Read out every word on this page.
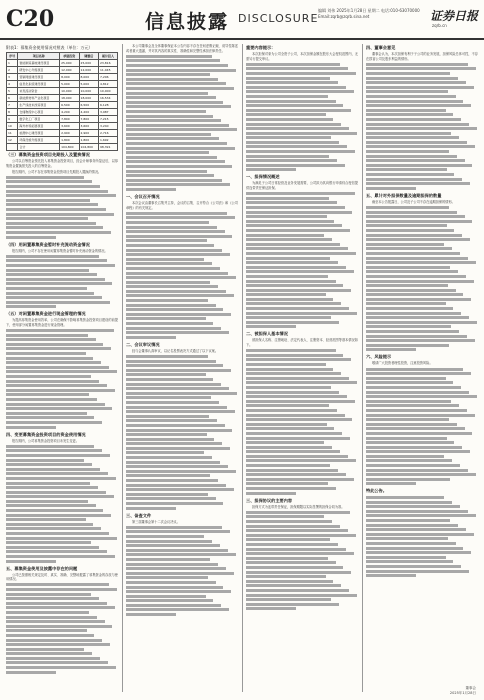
C20	信息披露 DISCLOSURE
编辑 刘伟 2025年1月28日 星期二 电话:010-63070000 Email:zqrb@zqrb.sina.net	证券日报
zqrb.cn
附表1：募集资金使用情况对照表（单位：万元）
序号	项目名称	承诺投资	调整后	累计投入
1	智能制造基地建设项目	25,000	25,000	23,816
2	研发中心升级项目	12,000	12,000	11,045
3	营销网络建设项目	8,000	8,000	7,206
4	信息化系统建设项目	5,000	5,000	4,812
5	补充流动资金	10,000	10,000	10,000
6	新能源材料产业化项目	18,000	18,000	16,534
7	生产线技术改造项目	6,500	6,500	6,128
8	仓储物流中心项目	4,200	4,200	3,987
9	数字化工厂项目	7,800	7,800	7,215
10	海外市场拓展项目	3,600	3,600	3,240
11	检测中心建设项目	2,900	2,900	2,716
12	环保设施升级项目	1,800	1,800	1,692
	合计	104,800	104,800	98,391
（三）募集资金投资项目先期投入及置换情况
公司以自筹资金预先投入募集资金投资项目，经会计师事务所鉴证后，以募集资金置换预先投入的自筹资金。
报告期内，公司不存在募集资金投资项目先期投入置换的情况。
（四）用闲置募集资金暂时补充流动资金情况
报告期内，公司不存在使用闲置募集资金暂时补充流动资金的情况。
（五）对闲置募集资金进行现金管理的情况
为提高募集资金使用效率，公司在确保不影响募集资金投资项目建设的前提下，使用部分闲置募集资金进行现金管理。
四、变更募集资金投资项目的资金使用情况
报告期内，公司募集资金投资项目未发生变更。
五、募集资金使用及披露中存在的问题
公司已按照相关规定及时、真实、准确、完整地披露了募集资金的存放与使用情况。
本公司董事会及全体董事保证本公告内容不存在任何虚假记载、误导性陈述或者重大遗漏，并对其内容的真实性、准确性和完整性承担法律责任。
一、会议召开情况
本次会议由董事长召集并主持，会议的召集、召开符合《公司法》和《公司章程》的有关规定。
二、会议审议情况
经与会董事认真审议，以记名投票表决方式通过了以下议案。
三、备查文件
第三届董事会第十二次会议决议。
重要内容提示：
本次担保对象为公司全资子公司，本次担保金额在股东大会授权范围内，无需另行提交审议。
一、担保情况概述
为满足子公司日常经营及业务发展需要，公司拟为其向银行申请综合授信提供连带责任保证担保。
二、被担保人基本情况
被担保人名称、注册地址、法定代表人、注册资本、经营范围等基本情况如下。
三、担保协议的主要内容
担保方式为连带责任保证，担保期限以实际签署的担保合同为准。
四、董事会意见
董事会认为，本次担保有利于子公司的业务发展，担保风险总体可控，不存在损害公司及股东利益的情形。
五、累计对外担保数量及逾期担保的数量
截至本公告披露日，公司及子公司不存在逾期担保的情形。
六、风险提示
敬请广大投资者理性投资，注意投资风险。
特此公告。
董事会
2025年1月28日
